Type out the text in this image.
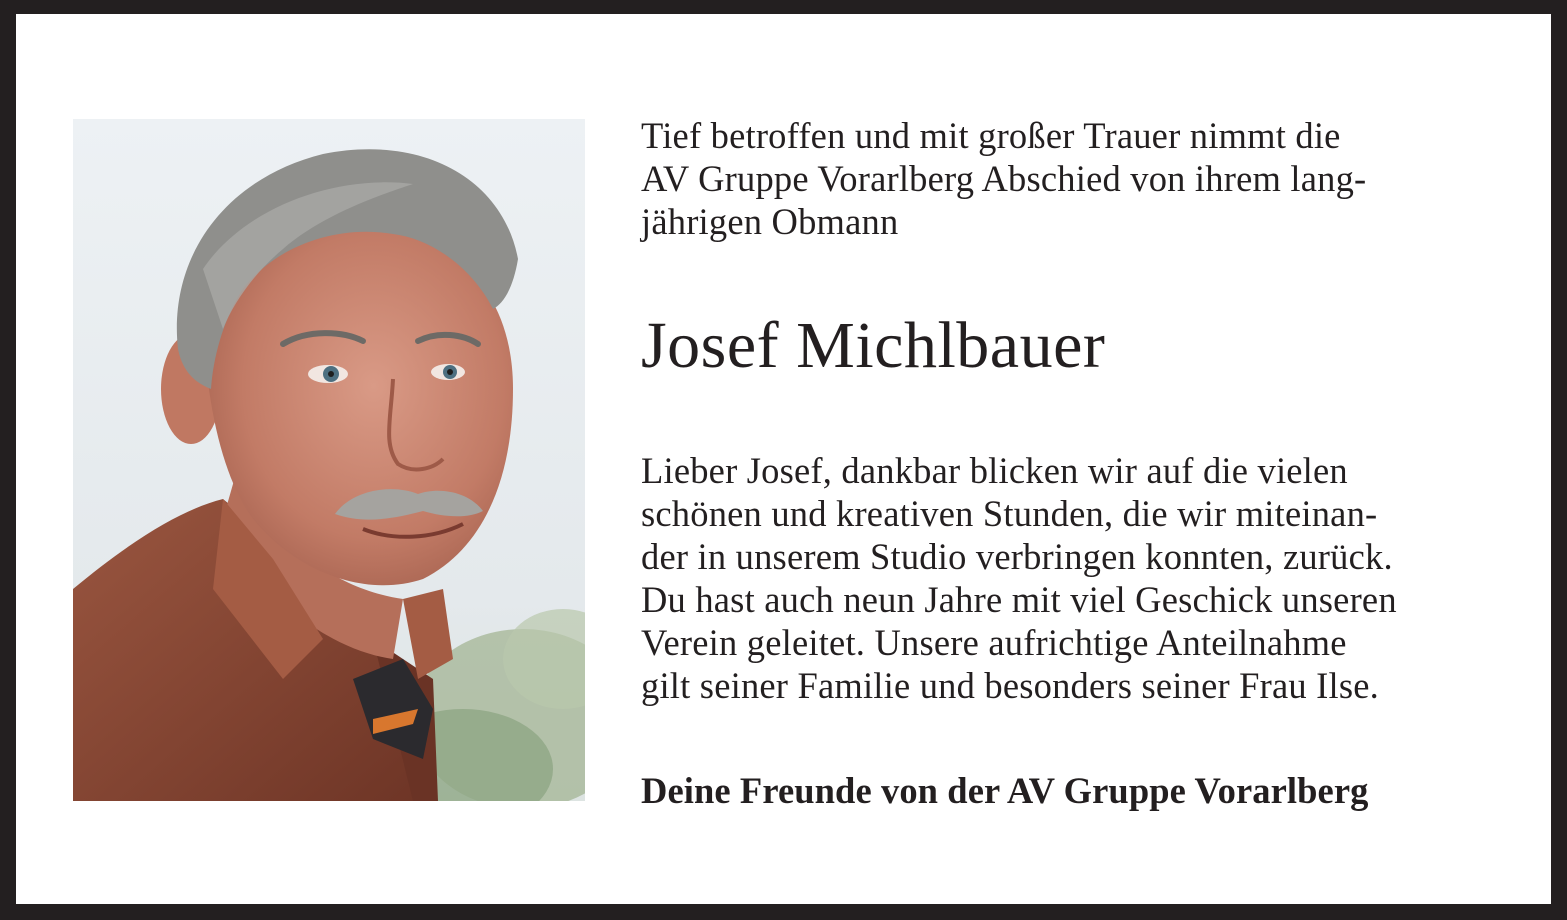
Tief betroffen und mit großer Trauer nimmt die
AV Gruppe Vorarlberg Abschied von ihrem lang-
jährigen Obmann

Josef Michlbauer

Lieber Josef, dankbar blicken wir auf die vielen
schönen und kreativen Stunden, die wir miteinan-
der in unserem Studio verbringen konnten, zurück.
Du hast auch neun Jahre mit viel Geschick unseren
Verein geleitet. Unsere aufrichtige Anteilnahme
gilt seiner Familie und besonders seiner Frau Ilse.

Deine Freunde von der AV Gruppe Vorarlberg
